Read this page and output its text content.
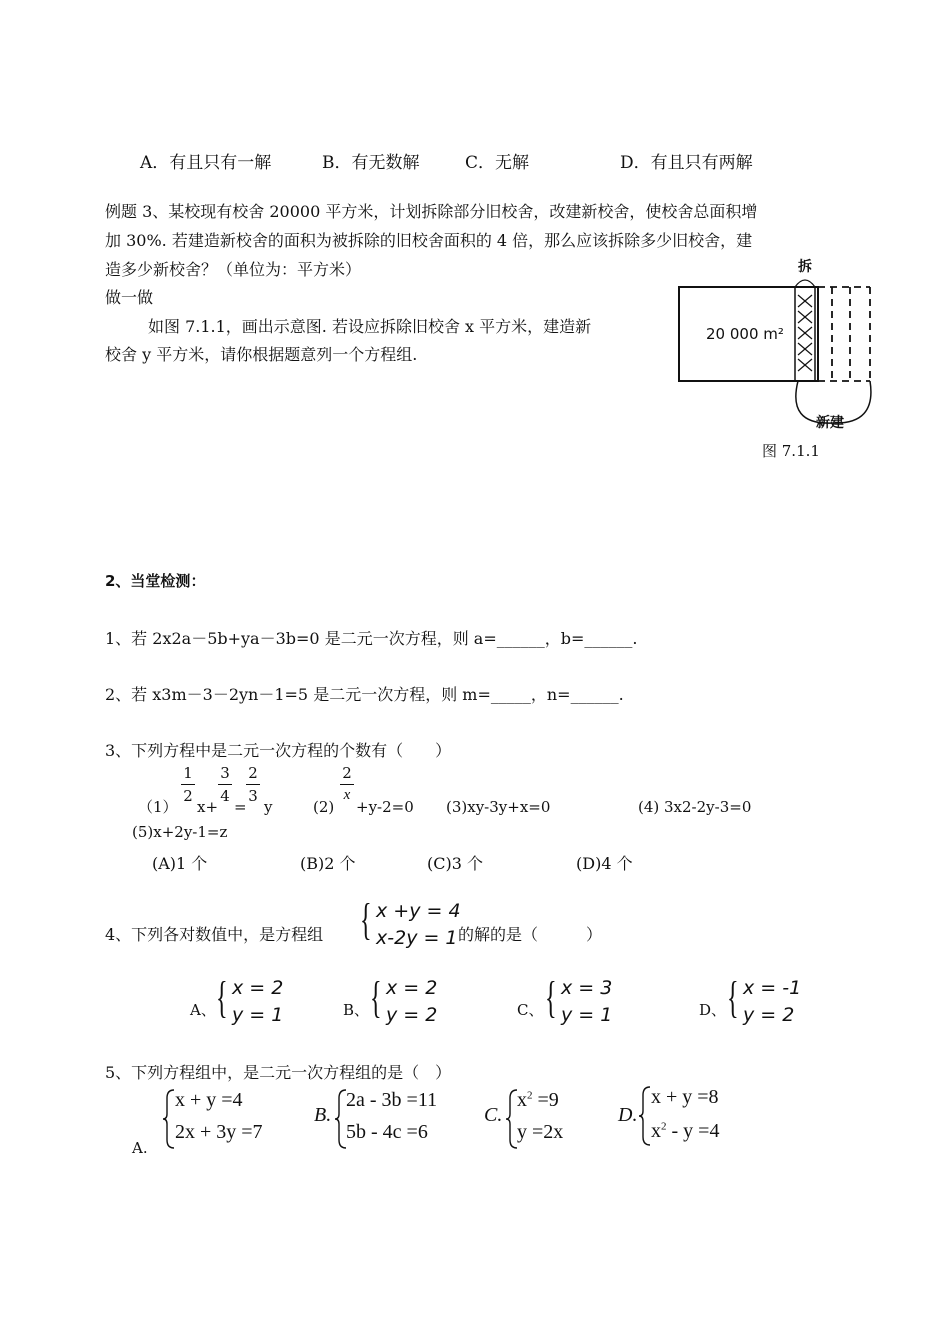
A．有且只有一解	B．有无数解	C．无解	D．有且只有两解
例题 3、某校现有校舍 20000 平方米，计划拆除部分旧校舍，改建新校舍，使校舍总面积增
加 30%. 若建造新校舍的面积为被拆除的旧校舍面积的 4 倍，那么应该拆除多少旧校舍，建
造多少新校舍？（单位为：平方米）
做一做
如图 7.1.1，画出示意图. 若设应拆除旧校舍 x 平方米，建造新
校舍 y 平方米，请你根据题意列一个方程组.
20 000 m²
拆
新建
图 7.1.1
2、当堂检测：
1、若 2x2a－5b+ya－3b=0 是二元一次方程，则 a=______，b=______.
2、若 x3m－3－2yn－1=5 是二元一次方程，则 m=_____，n=______.
3、下列方程中是二元一次方程的个数有（　　）
（1）
1
2
x+
3
4
=
2
3
y	(2)
2
x
+y-2=0 (3)xy-3y+x=0	(4) 3x2-2y-3=0
(5)x+2y-1=z
(A)1 个	(B)2 个	(C)3 个	(D)4 个
4、下列各对数值中，是方程组 { x +y = 4
x-2y = 1 的解的是（　　　）
A、 { x = 2
y = 1	B、 { x = 2
y = 2	C、 { x = 3
y = 1	D、 { x = -1
y = 2
5、下列方程组中，是二元一次方程组的是（　）
A.
x + y =4
2x + 3y =7
B.
2a - 3b =11
5b - 4c =6
C.
$x^2 =9$
y =2x
D.
x + y =8
$x^2 - y =4$
